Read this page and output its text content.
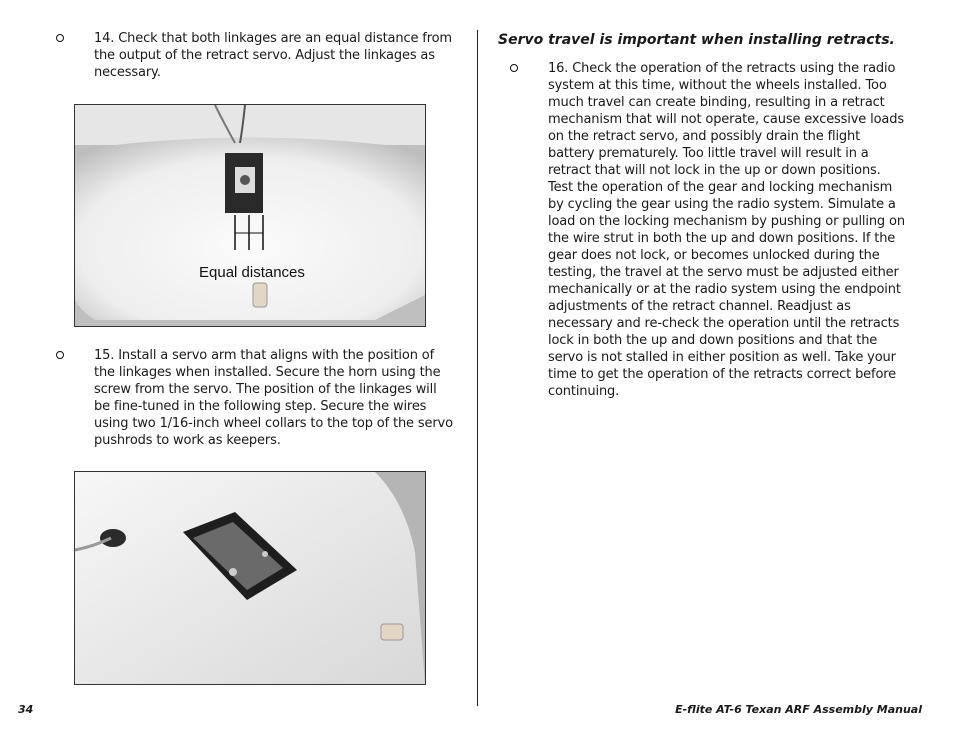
14. Check that both linkages are an equal distance from the output of the retract servo. Adjust the linkages as necessary.
Equal distances
15. Install a servo arm that aligns with the position of the linkages when installed. Secure the horn using the screw from the servo. The position of the linkages will be fine-tuned in the following step. Secure the wires using two 1/16-inch wheel collars to the top of the servo pushrods to work as keepers.
Servo travel is important when installing retracts.
16. Check the operation of the retracts using the radio system at this time, without the wheels installed. Too much travel can create binding, resulting in a retract mechanism that will not operate, cause excessive loads on the retract servo, and possibly drain the flight battery prematurely. Too little travel will result in a retract that will not lock in the up or down positions. Test the operation of the gear and locking mechanism by cycling the gear using the radio system. Simulate a load on the locking mechanism by pushing or pulling on the wire strut in both the up and down positions. If the gear does not lock, or becomes unlocked during the testing, the travel at the servo must be adjusted either mechanically or at the radio system using the endpoint adjustments of the retract channel. Readjust as necessary and re-check the operation until the retracts lock in both the up and down positions and that the servo is not stalled in either position as well. Take your time to get the operation of the retracts correct before continuing.
34	E-flite AT-6 Texan ARF Assembly Manual
